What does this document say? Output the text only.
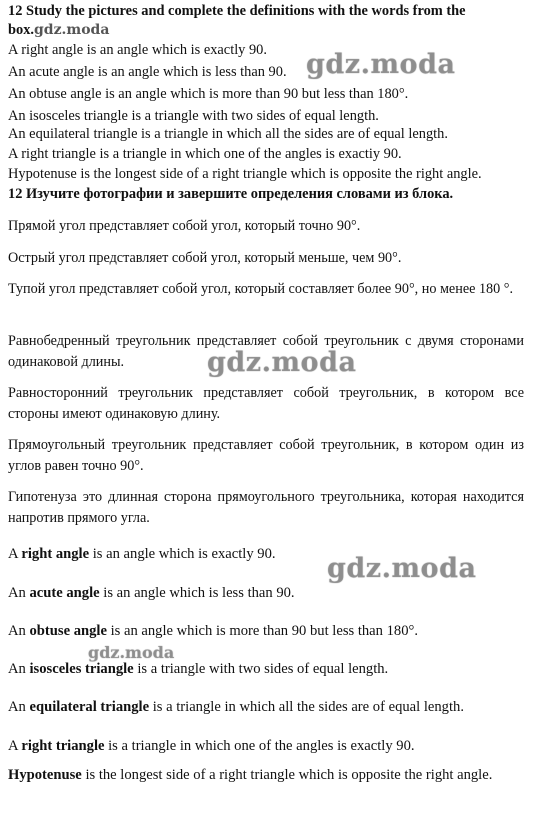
12 Study the pictures and complete the definitions with the words from the
box.gdz.moda
A right angle is an angle which is exactly 90.
An acute angle is an angle which is less than 90.
An obtuse angle is an angle which is more than 90 but less than 180°.
An isosceles triangle is a triangle with two sides of equal length.
An equilateral triangle is a triangle in which all the sides are of equal length.
A right triangle is a triangle in which one of the angles is exactiy 90.
Hypotenuse is the longest side of a right triangle which is opposite the right angle.
12 Изучите фотографии и завершите определения словами из блока.
Прямой угол представляет собой угол, который точно 90°.
Острый угол представляет собой угол, который меньше, чем 90°.
Тупой угол представляет собой угол, который составляет более 90°, но менее 180 °.
Равнобедренный треугольник представляет собой треугольник с двумя сторонами одинаковой длины.
Равносторонний треугольник представляет собой треугольник, в котором все стороны имеют одинаковую длину.
Прямоугольный треугольник представляет собой треугольник, в котором один из углов равен точно 90°.
Гипотенуза это длинная сторона прямоугольного треугольника, которая находится напротив прямого угла.
A right angle is an angle which is exactly 90.
An acute angle is an angle which is less than 90.
An obtuse angle is an angle which is more than 90 but less than 180°.
An isosceles triangle is a triangle with two sides of equal length.
An equilateral triangle is a triangle in which all the sides are of equal length.
A right triangle is a triangle in which one of the angles is exactly 90.
Hypotenuse is the longest side of a right triangle which is opposite the right angle.
gdz.moda
gdz.moda
gdz.moda
gdz.moda
